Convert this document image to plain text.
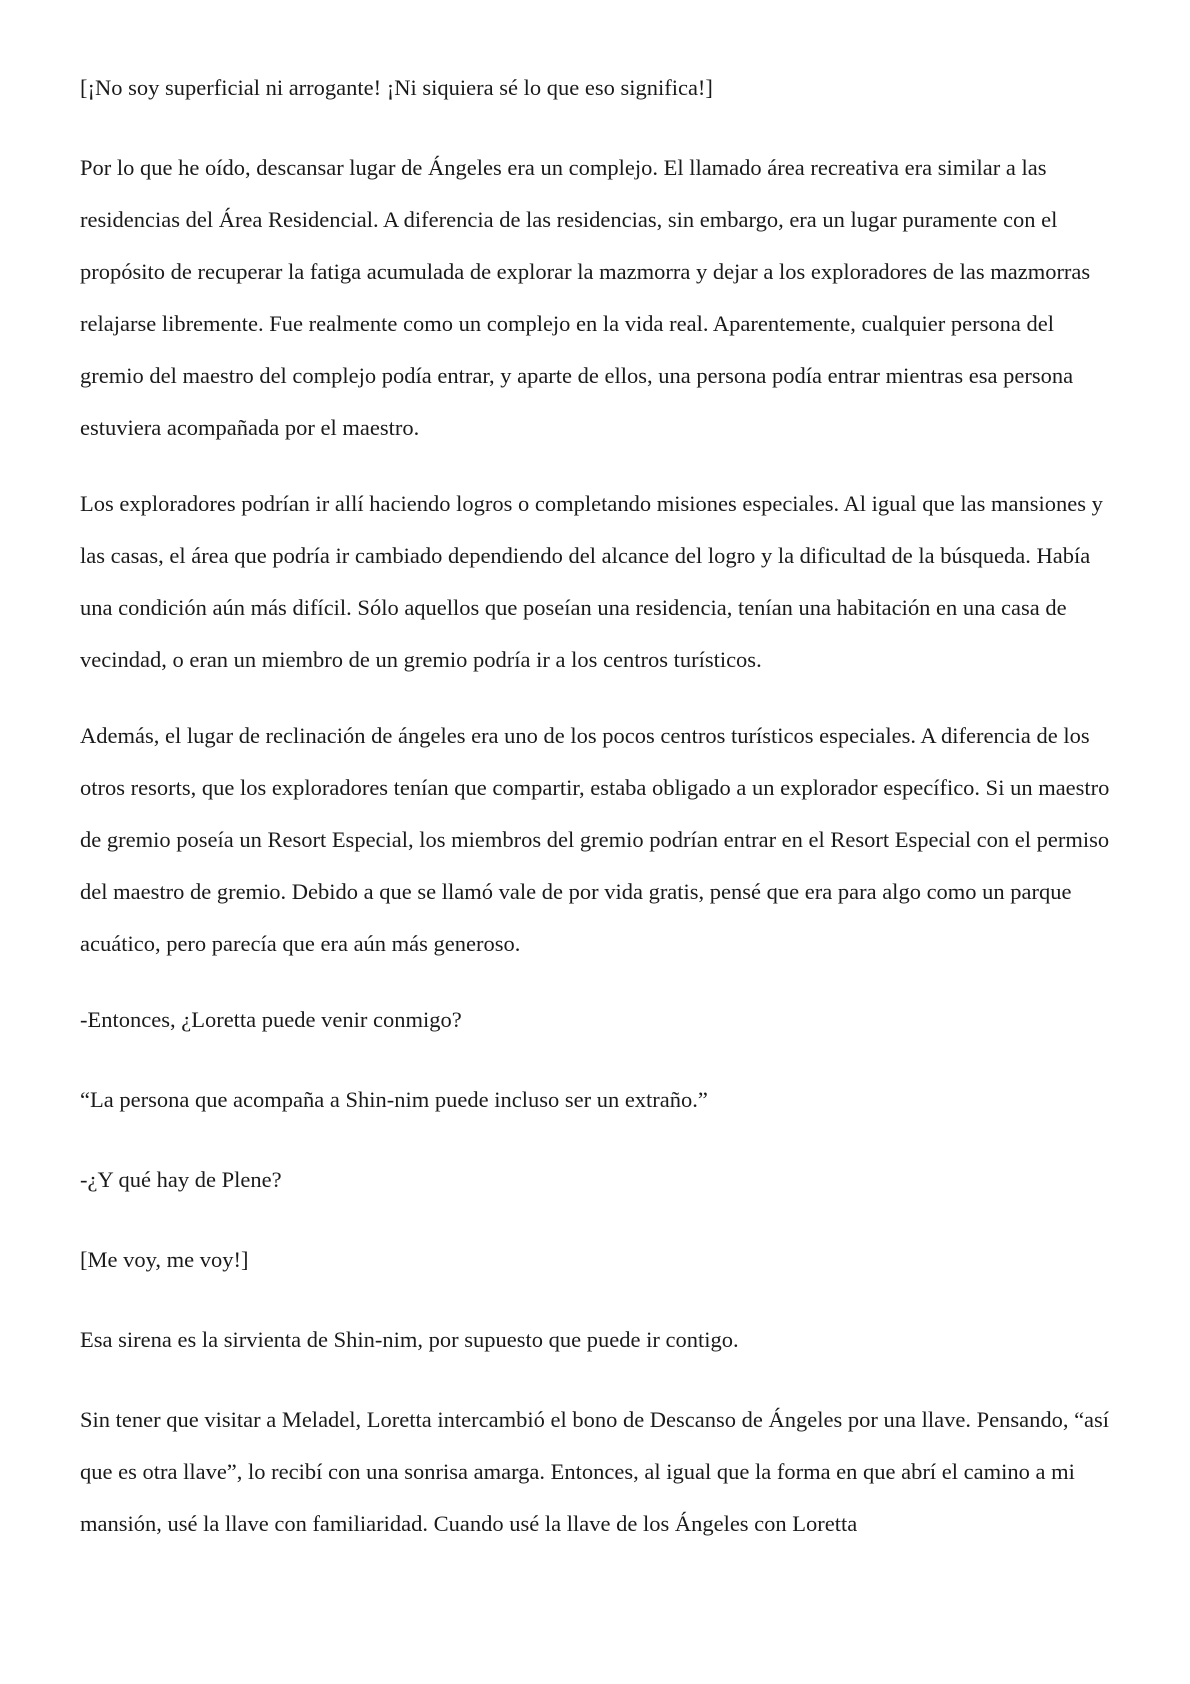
[¡No soy superficial ni arrogante! ¡Ni siquiera sé lo que eso significa!]

Por lo que he oído, descansar lugar de Ángeles era un complejo. El llamado área recreativa era similar a las residencias del Área Residencial. A diferencia de las residencias, sin embargo, era un lugar puramente con el propósito de recuperar la fatiga acumulada de explorar la mazmorra y dejar a los exploradores de las mazmorras relajarse libremente. Fue realmente como un complejo en la vida real. Aparentemente, cualquier persona del gremio del maestro del complejo podía entrar, y aparte de ellos, una persona podía entrar mientras esa persona estuviera acompañada por el maestro.

Los exploradores podrían ir allí haciendo logros o completando misiones especiales. Al igual que las mansiones y las casas, el área que podría ir cambiado dependiendo del alcance del logro y la dificultad de la búsqueda. Había una condición aún más difícil. Sólo aquellos que poseían una residencia, tenían una habitación en una casa de vecindad, o eran un miembro de un gremio podría ir a los centros turísticos.

Además, el lugar de reclinación de ángeles era uno de los pocos centros turísticos especiales. A diferencia de los otros resorts, que los exploradores tenían que compartir, estaba obligado a un explorador específico. Si un maestro de gremio poseía un Resort Especial, los miembros del gremio podrían entrar en el Resort Especial con el permiso del maestro de gremio. Debido a que se llamó vale de por vida gratis, pensé que era para algo como un parque acuático, pero parecía que era aún más generoso.

-Entonces, ¿Loretta puede venir conmigo?

“La persona que acompaña a Shin-nim puede incluso ser un extraño.”

-¿Y qué hay de Plene?

[Me voy, me voy!]

Esa sirena es la sirvienta de Shin-nim, por supuesto que puede ir contigo.

Sin tener que visitar a Meladel, Loretta intercambió el bono de Descanso de Ángeles por una llave. Pensando, “así que es otra llave”, lo recibí con una sonrisa amarga. Entonces, al igual que la forma en que abrí el camino a mi mansión, usé la llave con familiaridad. Cuando usé la llave de los Ángeles con Loretta
